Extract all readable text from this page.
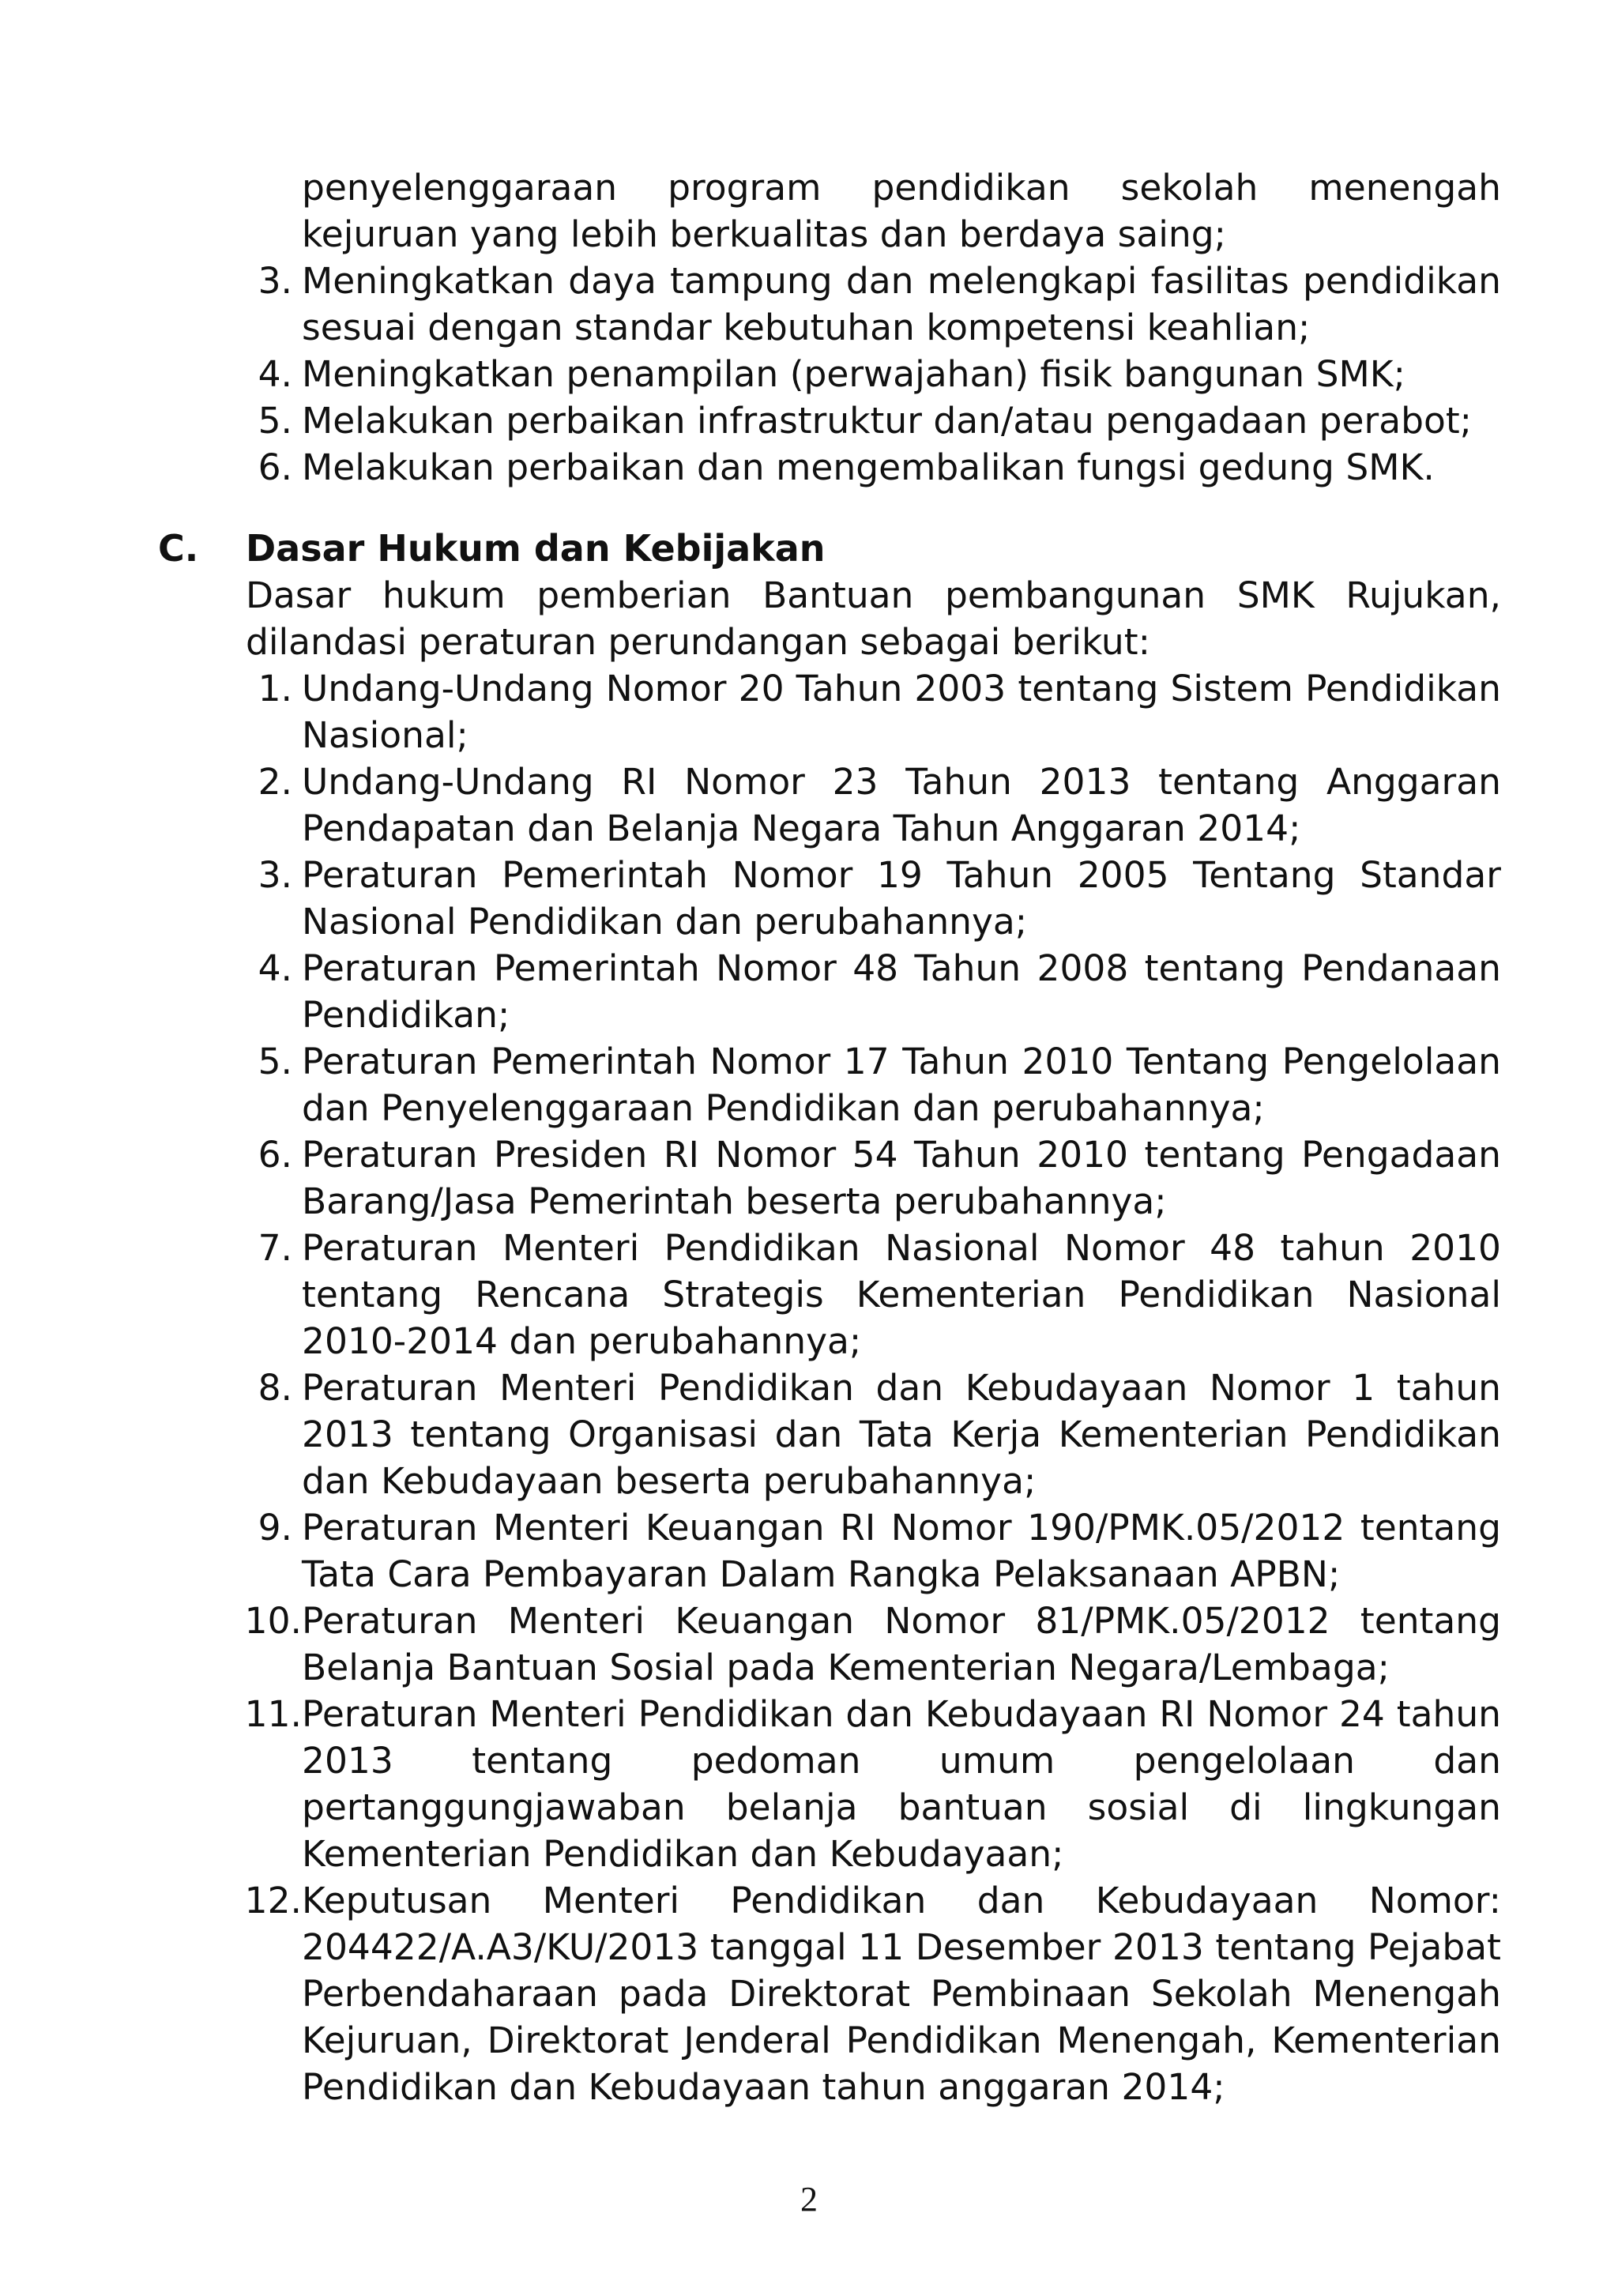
penyelenggaraan program pendidikan sekolah menengah kejuruan yang lebih berkualitas dan berdaya saing;
3. Meningkatkan daya tampung dan melengkapi fasilitas pendidikan sesuai dengan standar kebutuhan kompetensi keahlian;
4. Meningkatkan penampilan (perwajahan) fisik bangunan SMK;
5. Melakukan perbaikan infrastruktur dan/atau pengadaan perabot;
6. Melakukan perbaikan dan mengembalikan fungsi gedung SMK.
C.	Dasar Hukum dan Kebijakan
Dasar hukum pemberian Bantuan pembangunan SMK Rujukan, dilandasi peraturan perundangan sebagai berikut:
1. Undang-Undang Nomor 20 Tahun 2003 tentang Sistem Pendidikan Nasional;
2. Undang-Undang RI Nomor 23 Tahun 2013 tentang Anggaran Pendapatan dan Belanja Negara Tahun Anggaran 2014;
3. Peraturan Pemerintah Nomor 19 Tahun 2005 Tentang Standar Nasional Pendidikan dan perubahannya;
4. Peraturan Pemerintah Nomor 48 Tahun 2008 tentang Pendanaan Pendidikan;
5. Peraturan Pemerintah Nomor 17 Tahun 2010 Tentang Pengelolaan dan Penyelenggaraan Pendidikan dan perubahannya;
6. Peraturan Presiden RI Nomor 54 Tahun 2010 tentang Pengadaan Barang/Jasa Pemerintah beserta perubahannya;
7. Peraturan Menteri Pendidikan Nasional Nomor 48 tahun 2010 tentang Rencana Strategis Kementerian Pendidikan Nasional 2010-2014 dan perubahannya;
8. Peraturan Menteri Pendidikan dan Kebudayaan Nomor 1 tahun 2013 tentang Organisasi dan Tata Kerja Kementerian Pendidikan dan Kebudayaan beserta perubahannya;
9. Peraturan Menteri Keuangan RI Nomor 190/PMK.05/2012 tentang Tata Cara Pembayaran Dalam Rangka Pelaksanaan APBN;
10. Peraturan Menteri Keuangan Nomor 81/PMK.05/2012 tentang Belanja Bantuan Sosial pada Kementerian Negara/Lembaga;
11. Peraturan Menteri Pendidikan dan Kebudayaan RI Nomor 24 tahun 2013 tentang pedoman umum pengelolaan dan pertanggungjawaban belanja bantuan sosial di lingkungan Kementerian Pendidikan dan Kebudayaan;
12. Keputusan Menteri Pendidikan dan Kebudayaan Nomor: 204422/A.A3/KU/2013 tanggal 11 Desember 2013 tentang Pejabat Perbendaharaan pada Direktorat Pembinaan Sekolah Menengah Kejuruan, Direktorat Jenderal Pendidikan Menengah, Kementerian Pendidikan dan Kebudayaan tahun anggaran 2014;
2
